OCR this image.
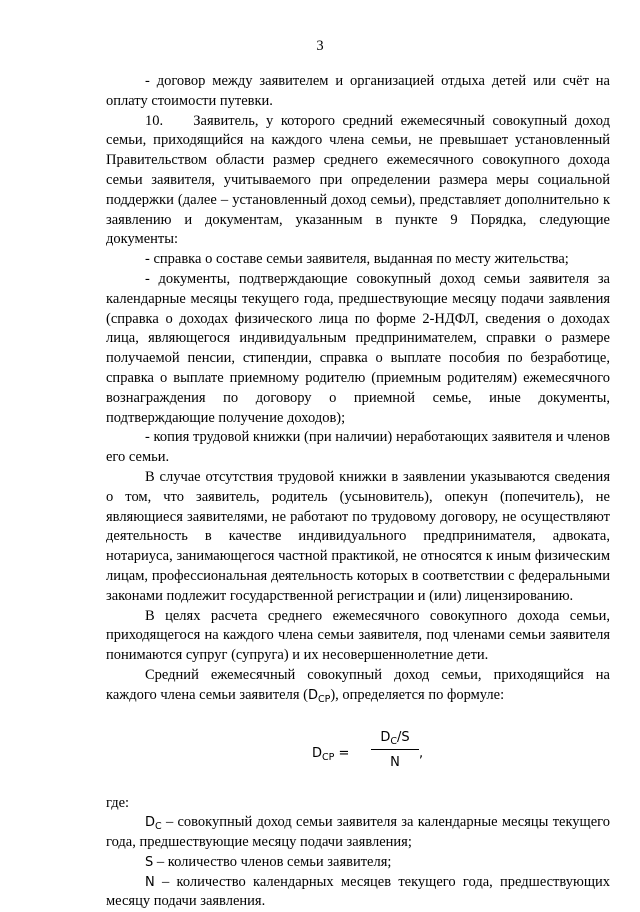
3

- договор между заявителем и организацией отдыха детей или счёт на оплату стоимости путевки.

10.    Заявитель, у которого средний ежемесячный совокупный доход семьи, приходящийся на каждого члена семьи, не превышает установленный Правительством области размер среднего ежемесячного совокупного дохода семьи заявителя, учитываемого при определении размера меры социальной поддержки (далее – установленный доход семьи), представляет дополнительно к заявлению и документам, указанным в пункте 9 Порядка, следующие документы:

- справка о составе семьи заявителя, выданная по месту жительства;

- документы, подтверждающие совокупный доход семьи заявителя за календарные месяцы текущего года, предшествующие месяцу подачи заявления (справка о доходах физического лица по форме 2-НДФЛ, сведения о доходах лица, являющегося индивидуальным предпринимателем, справки о размере получаемой пенсии, стипендии, справка о выплате пособия по безработице, справка о выплате приемному родителю (приемным родителям) ежемесячного вознаграждения по договору о приемной семье, иные документы, подтверждающие получение доходов);

- копия трудовой книжки (при наличии) неработающих заявителя и членов его семьи.

В случае отсутствия трудовой книжки в заявлении указываются сведения о том, что заявитель, родитель (усыновитель), опекун (попечитель), не являющиеся заявителями, не работают по трудовому договору, не осуществляют деятельность в качестве индивидуального предпринимателя, адвоката, нотариуса, занимающегося частной практикой, не относятся к иным физическим лицам, профессиональная деятельность которых в соответствии с федеральными законами подлежит государственной регистрации и (или) лицензированию.

В целях расчета среднего ежемесячного совокупного дохода семьи, приходящегося на каждого члена семьи заявителя, под членами семьи заявителя понимаются супруг (супруга) и их несовершеннолетние дети.

Средний ежемесячный совокупный доход семьи, приходящийся на каждого члена семьи заявителя $(D_{CP})$, определяется по формуле:

$D_{CP} = \frac{D_C/S}{N}$ ,

где:

$D_C$ – совокупный доход семьи заявителя за календарные месяцы текущего года, предшествующие месяцу подачи заявления;

S – количество членов семьи заявителя;

N – количество календарных месяцев текущего года, предшествующих месяцу подачи заявления.
